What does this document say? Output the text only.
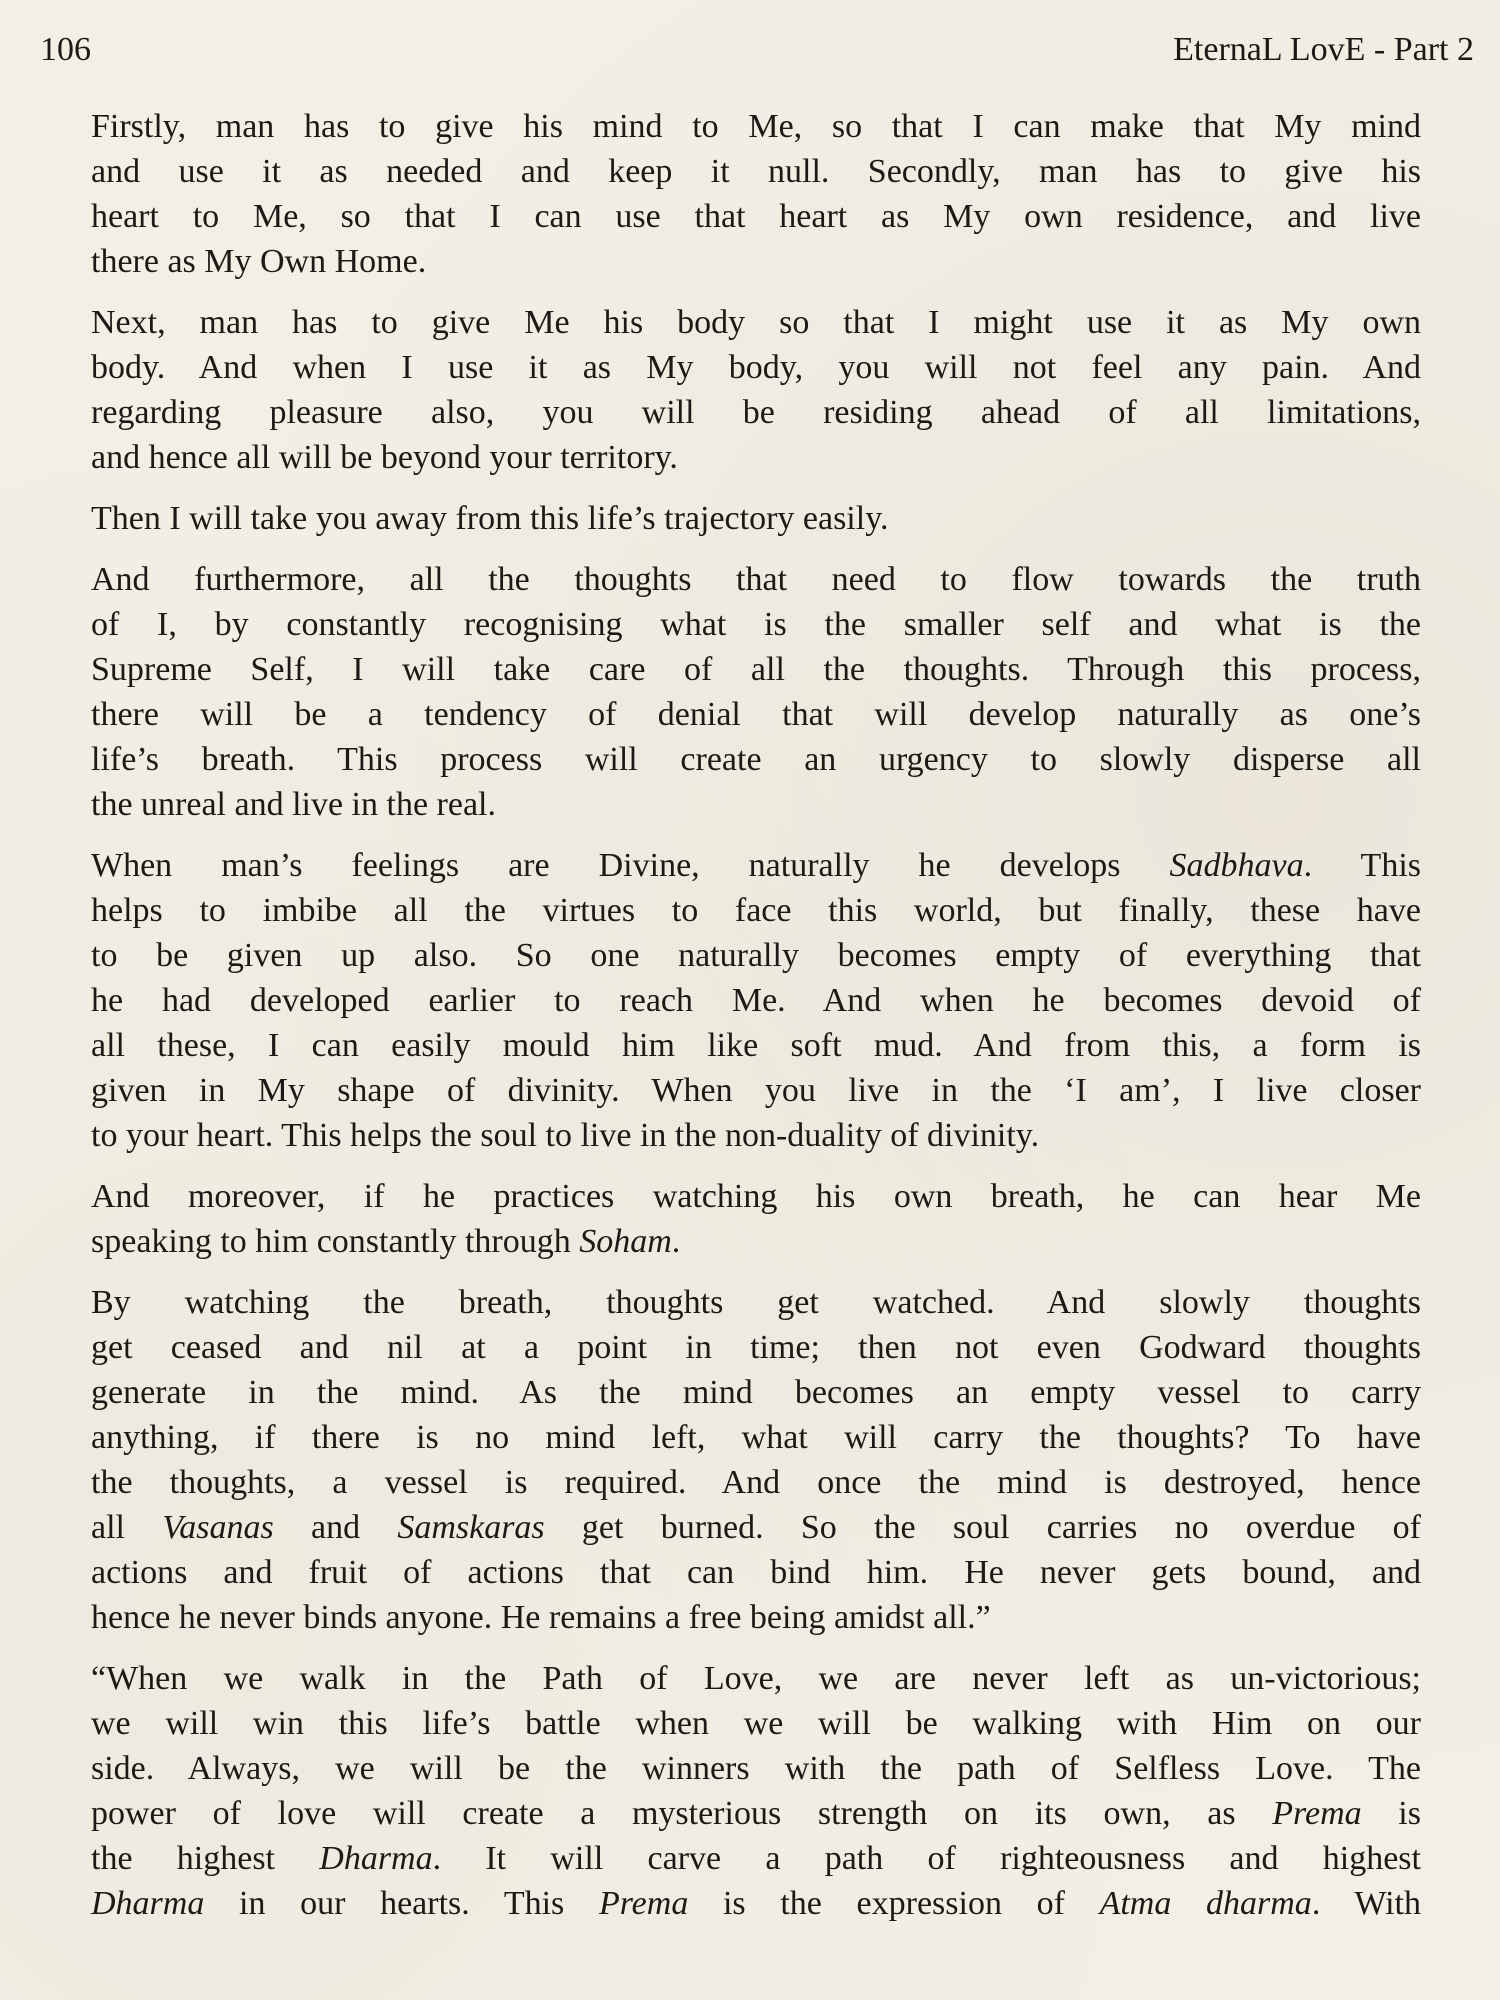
106	EternaL LovE - Part 2

Firstly, man has to give his mind to Me, so that I can make that My mind
and use it as needed and keep it null. Secondly, man has to give his
heart to Me, so that I can use that heart as My own residence, and live
there as My Own Home.

Next, man has to give Me his body so that I might use it as My own
body. And when I use it as My body, you will not feel any pain. And
regarding pleasure also, you will be residing ahead of all limitations,
and hence all will be beyond your territory.

Then I will take you away from this life’s trajectory easily.

And furthermore, all the thoughts that need to flow towards the truth
of I, by constantly recognising what is the smaller self and what is the
Supreme Self, I will take care of all the thoughts. Through this process,
there will be a tendency of denial that will develop naturally as one’s
life’s breath. This process will create an urgency to slowly disperse all
the unreal and live in the real.

When man’s feelings are Divine, naturally he develops Sadbhava. This
helps to imbibe all the virtues to face this world, but finally, these have
to be given up also. So one naturally becomes empty of everything that
he had developed earlier to reach Me. And when he becomes devoid of
all these, I can easily mould him like soft mud. And from this, a form is
given in My shape of divinity. When you live in the ‘I am’, I live closer
to your heart. This helps the soul to live in the non-duality of divinity.

And moreover, if he practices watching his own breath, he can hear Me
speaking to him constantly through Soham.

By watching the breath, thoughts get watched. And slowly thoughts
get ceased and nil at a point in time; then not even Godward thoughts
generate in the mind. As the mind becomes an empty vessel to carry
anything, if there is no mind left, what will carry the thoughts? To have
the thoughts, a vessel is required. And once the mind is destroyed, hence
all Vasanas and Samskaras get burned. So the soul carries no overdue of
actions and fruit of actions that can bind him. He never gets bound, and
hence he never binds anyone. He remains a free being amidst all.”

“When we walk in the Path of Love, we are never left as un-victorious;
we will win this life’s battle when we will be walking with Him on our
side. Always, we will be the winners with the path of Selfless Love. The
power of love will create a mysterious strength on its own, as Prema is
the highest Dharma. It will carve a path of righteousness and highest
Dharma in our hearts. This Prema is the expression of Atma dharma. With
